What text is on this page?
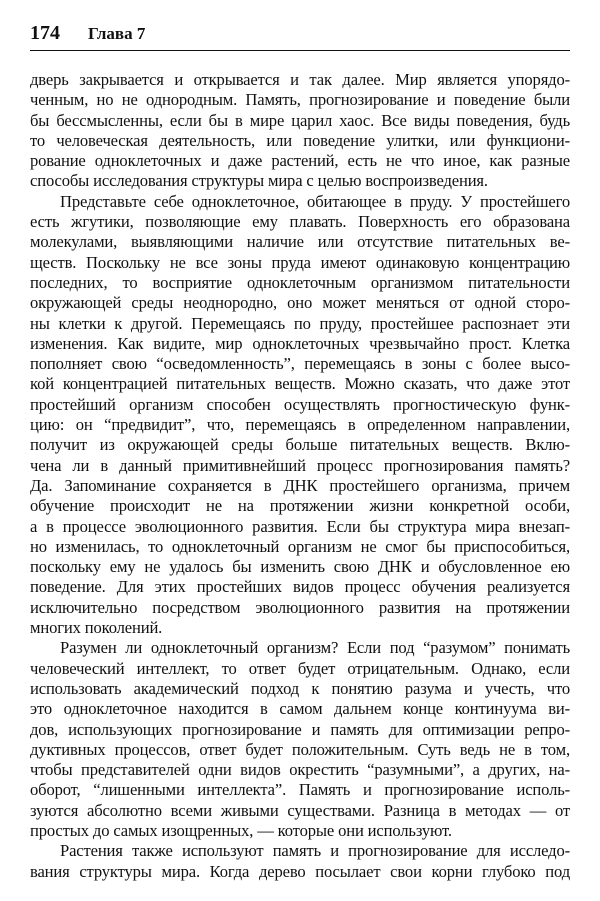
174 Глава 7
дверь закрывается и открывается и так далее. Мир является упорядо-
ченным, но не однородным. Память, прогнозирование и поведение были
бы бессмысленны, если бы в мире царил хаос. Все виды поведения, будь
то человеческая деятельность, или поведение улитки, или функциони-
рование одноклеточных и даже растений, есть не что иное, как разные
способы исследования структуры мира с целью воспроизведения.
Представьте себе одноклеточное, обитающее в пруду. У простейшего
есть жгутики, позволяющие ему плавать. Поверхность его образована
молекулами, выявляющими наличие или отсутствие питательных ве-
ществ. Поскольку не все зоны пруда имеют одинаковую концентрацию
последних, то восприятие одноклеточным организмом питательности
окружающей среды неоднородно, оно может меняться от одной сторо-
ны клетки к другой. Перемещаясь по пруду, простейшее распознает эти
изменения. Как видите, мир одноклеточных чрезвычайно прост. Клетка
пополняет свою “осведомленность”, перемещаясь в зоны с более высо-
кой концентрацией питательных веществ. Можно сказать, что даже этот
простейший организм способен осуществлять прогностическую функ-
цию: он “предвидит”, что, перемещаясь в определенном направлении,
получит из окружающей среды больше питательных веществ. Вклю-
чена ли в данный примитивнейший процесс прогнозирования память?
Да. Запоминание сохраняется в ДНК простейшего организма, причем
обучение происходит не на протяжении жизни конкретной особи,
а в процессе эволюционного развития. Если бы структура мира внезап-
но изменилась, то одноклеточный организм не смог бы приспособиться,
поскольку ему не удалось бы изменить свою ДНК и обусловленное ею
поведение. Для этих простейших видов процесс обучения реализуется
исключительно посредством эволюционного развития на протяжении
многих поколений.
Разумен ли одноклеточный организм? Если под “разумом” понимать
человеческий интеллект, то ответ будет отрицательным. Однако, если
использовать академический подход к понятию разума и учесть, что
это одноклеточное находится в самом дальнем конце континуума ви-
дов, использующих прогнозирование и память для оптимизации репро-
дуктивных процессов, ответ будет положительным. Суть ведь не в том,
чтобы представителей одни видов окрестить “разумными”, а других, на-
оборот, “лишенными интеллекта”. Память и прогнозирование исполь-
зуются абсолютно всеми живыми существами. Разница в методах — от
простых до самых изощренных, — которые они используют.
Растения также используют память и прогнозирование для исследо-
вания структуры мира. Когда дерево посылает свои корни глубоко под
